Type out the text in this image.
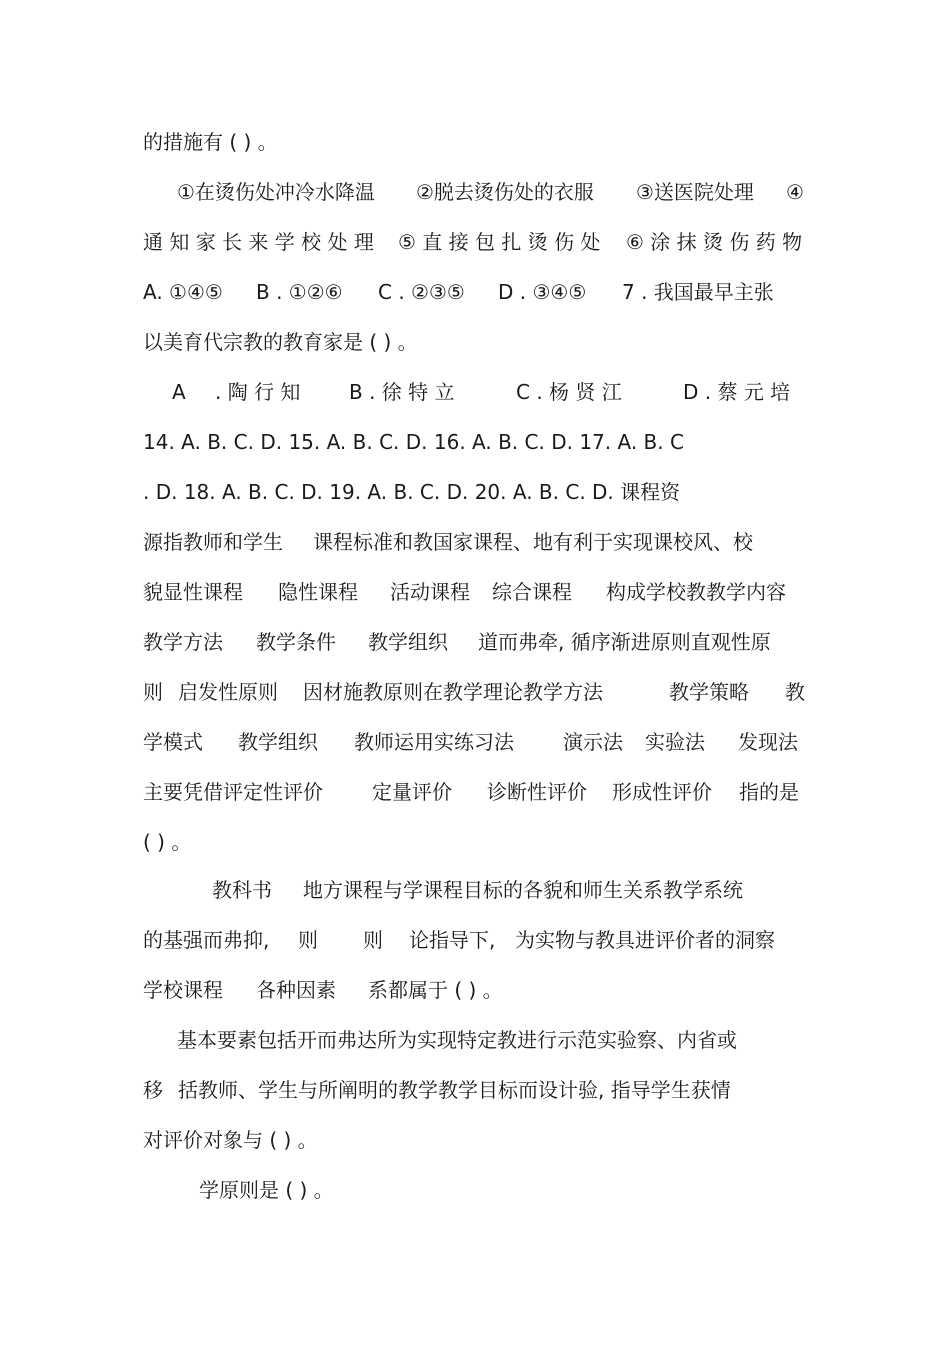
的措施有 ( ) 。

①在烫伤处冲冷水降温

②脱去烫伤处的衣服

③送医院处理

④

通 知 家 长 来 学 校 处 理

⑤ 直 接 包 扎 烫 伤 处

⑥ 涂 抹 烫 伤 药 物

A. ①④⑤

B . ①②⑥

C . ②③⑤

D . ③④⑤

7 . 我国最早主张

以美育代宗教的教育家是 ( ) 。

A

. 陶 行 知

B . 徐 特 立

	C . 杨 贤 江

	D . 蔡 元 培

14. A. B. C. D. 15. A. B. C. D. 16. A. B. C. D. 17. A. B. C

. D. 18. A. B. C. D. 19. A. B. C. D. 20. A. B. C. D. 课程资

源指教师和学生

课程标准和教国家课程、地有利于实现课校风、校

貌显性课程

隐性课程

活动课程

综合课程

构成学校教教学内容

教学方法

教学条件

教学组织

道而弗牵, 循序渐进原则直观性原

则

启发性原则

因材施教原则在教学理论教学方法

	教学策略

教

学模式

教学组织

教师运用实练习法

演示法

实验法

发现法

主要凭借评定性评价

定量评价

诊断性评价

形成性评价

指的是

( ) 。

教科书

地方课程与学课程目标的各貌和师生关系教学系统

的基强而弗抑,

则

则

论指导下,

为实物与教具进评价者的洞察

学校课程

各种因素

系都属于 ( ) 。

基本要素包括开而弗达所为实现特定教进行示范实验察、内省或

移

括教师、学生与所阐明的教学教学目标而设计验, 指导学生获情

对评价对象与 ( ) 。

学原则是 ( ) 。
